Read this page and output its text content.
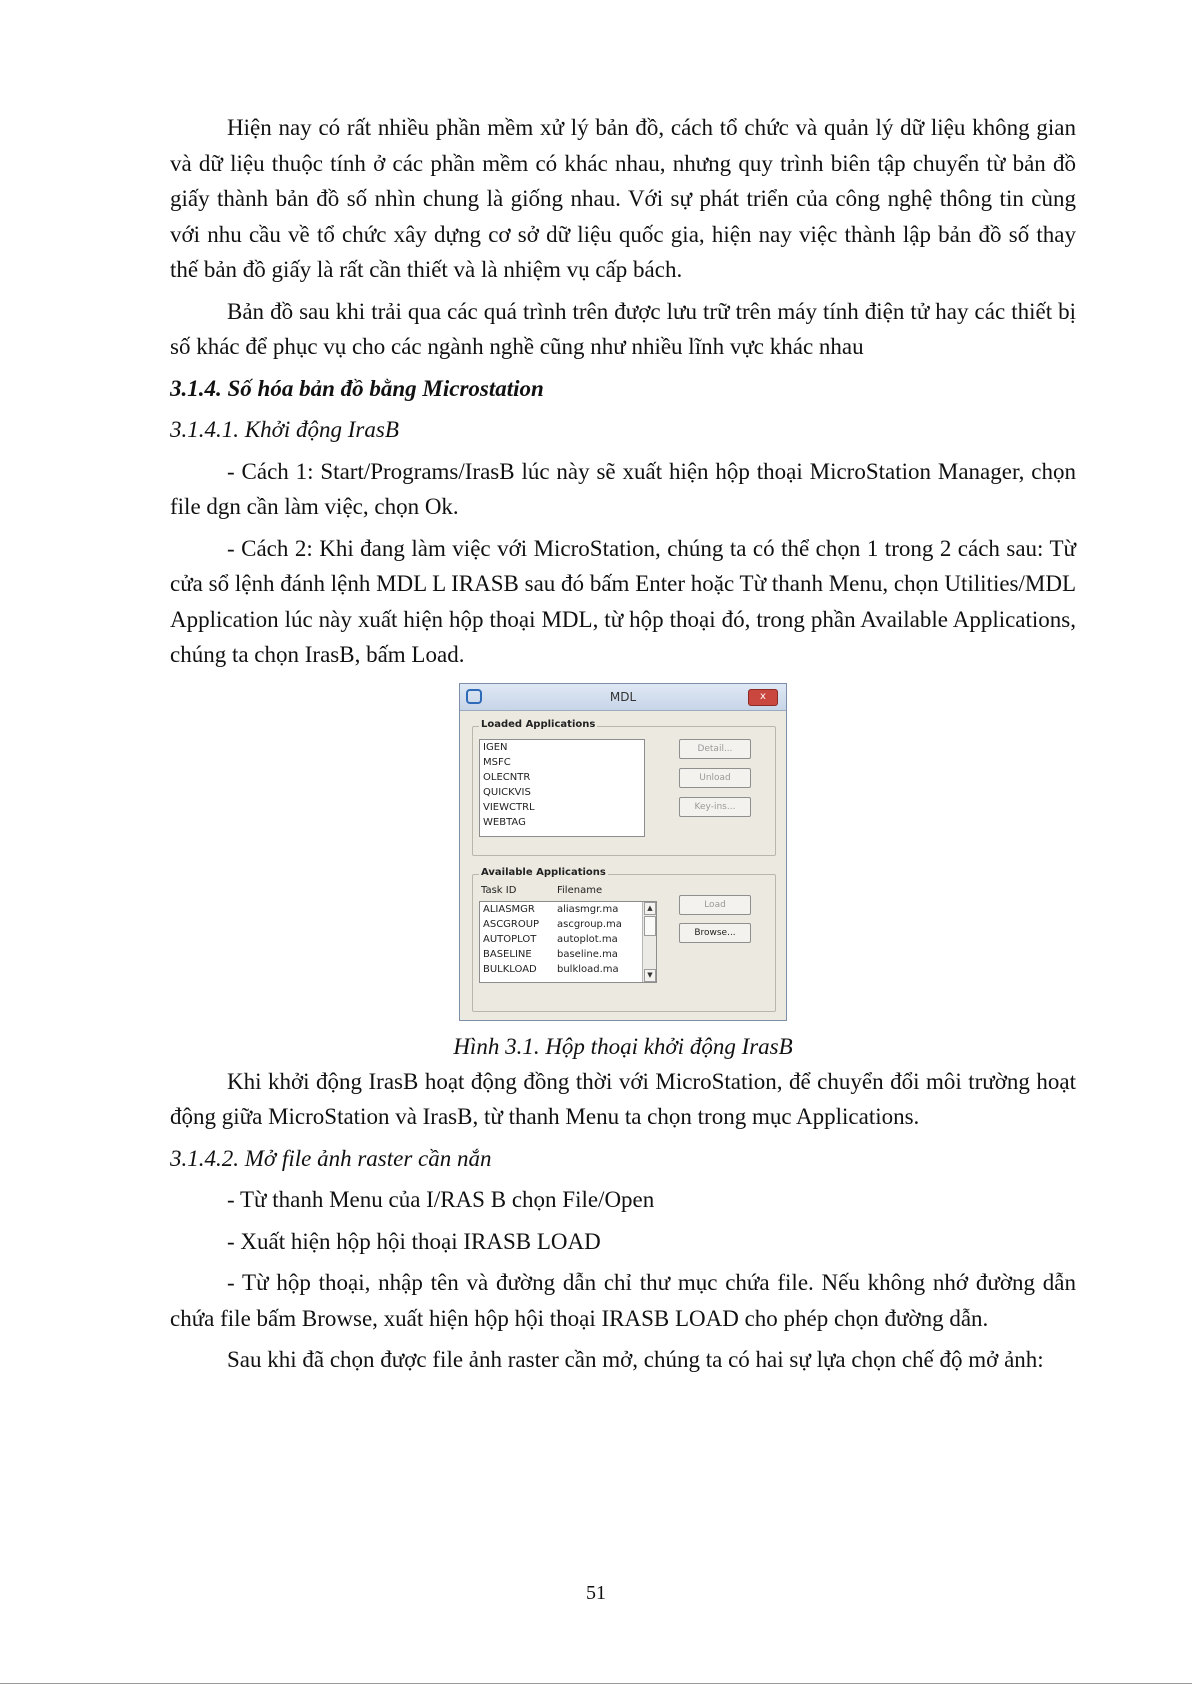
Hiện nay có rất nhiều phần mềm xử lý bản đồ, cách tổ chức và quản lý dữ liệu không gian và dữ liệu thuộc tính ở các phần mềm có khác nhau, nhưng quy trình biên tập chuyển từ bản đồ giấy thành bản đồ số nhìn chung là giống nhau. Với sự phát triển của công nghệ thông tin cùng với nhu cầu về tổ chức xây dựng cơ sở dữ liệu quốc gia, hiện nay việc thành lập bản đồ số thay thế bản đồ giấy là rất cần thiết và là nhiệm vụ cấp bách.

Bản đồ sau khi trải qua các quá trình trên được lưu trữ trên máy tính điện tử hay các thiết bị số khác để phục vụ cho các ngành nghề cũng như nhiều lĩnh vực khác nhau

3.1.4. Số hóa bản đồ bằng Microstation

3.1.4.1. Khởi động IrasB

- Cách 1: Start/Programs/IrasB lúc này sẽ xuất hiện hộp thoại MicroStation Manager, chọn file dgn cần làm việc, chọn Ok.

- Cách 2: Khi đang làm việc với MicroStation, chúng ta có thể chọn 1 trong 2 cách sau: Từ cửa sổ lệnh đánh lệnh MDL L IRASB sau đó bấm Enter hoặc Từ thanh Menu, chọn Utilities/MDL Application lúc này xuất hiện hộp thoại MDL, từ hộp thoại đó, trong phần Available Applications, chúng ta chọn IrasB, bấm Load.

MDL	x
Loaded Applications
IGEN
MSFC
OLECNTR
QUICKVIS
VIEWCTRL
WEBTAG
Detail...
Unload
Key-ins...
Available Applications
Task ID	Filename
ALIASMGR	aliasmgr.ma
ASCGROUP	ascgroup.ma
AUTOPLOT	autoplot.ma
BASELINE	baseline.ma
BULKLOAD	bulkload.ma
▲
▼
Load
Browse...

Hình 3.1. Hộp thoại khởi động IrasB

Khi khởi động IrasB hoạt động đồng thời với MicroStation, để chuyển đổi môi trường hoạt động giữa MicroStation và IrasB, từ thanh Menu ta chọn trong mục Applications.

3.1.4.2. Mở file ảnh raster cần nắn

- Từ thanh Menu của I/RAS B chọn File/Open

- Xuất hiện hộp hội thoại IRASB LOAD

- Từ hộp thoại, nhập tên và đường dẫn chỉ thư mục chứa file. Nếu không nhớ đường dẫn chứa file bấm Browse, xuất hiện hộp hội thoại IRASB LOAD cho phép chọn đường dẫn.

Sau khi đã chọn được file ảnh raster cần mở, chúng ta có hai sự lựa chọn chế độ mở ảnh:

51
